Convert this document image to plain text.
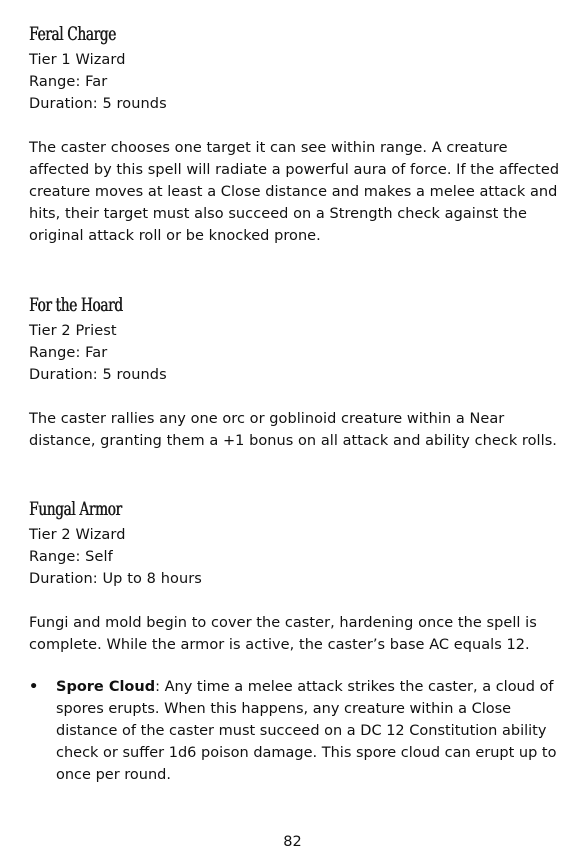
Feral Charge
Tier 1 Wizard
Range: Far
Duration: 5 rounds

The caster chooses one target it can see within range. A creature affected by this spell will radiate a powerful aura of force. If the affected creature moves at least a Close distance and makes a melee attack and hits, their target must also succeed on a Strength check against the original attack roll or be knocked prone.

For the Hoard
Tier 2 Priest
Range: Far
Duration: 5 rounds

The caster rallies any one orc or goblinoid creature within a Near distance, granting them a +1 bonus on all attack and ability check rolls.

Fungal Armor
Tier 2 Wizard
Range: Self
Duration: Up to 8 hours

Fungi and mold begin to cover the caster, hardening once the spell is complete. While the armor is active, the caster’s base AC equals 12.

• Spore Cloud: Any time a melee attack strikes the caster, a cloud of spores erupts. When this happens, any creature within a Close distance of the caster must succeed on a DC 12 Constitution ability check or suffer 1d6 poison damage. This spore cloud can erupt up to once per round.
82
